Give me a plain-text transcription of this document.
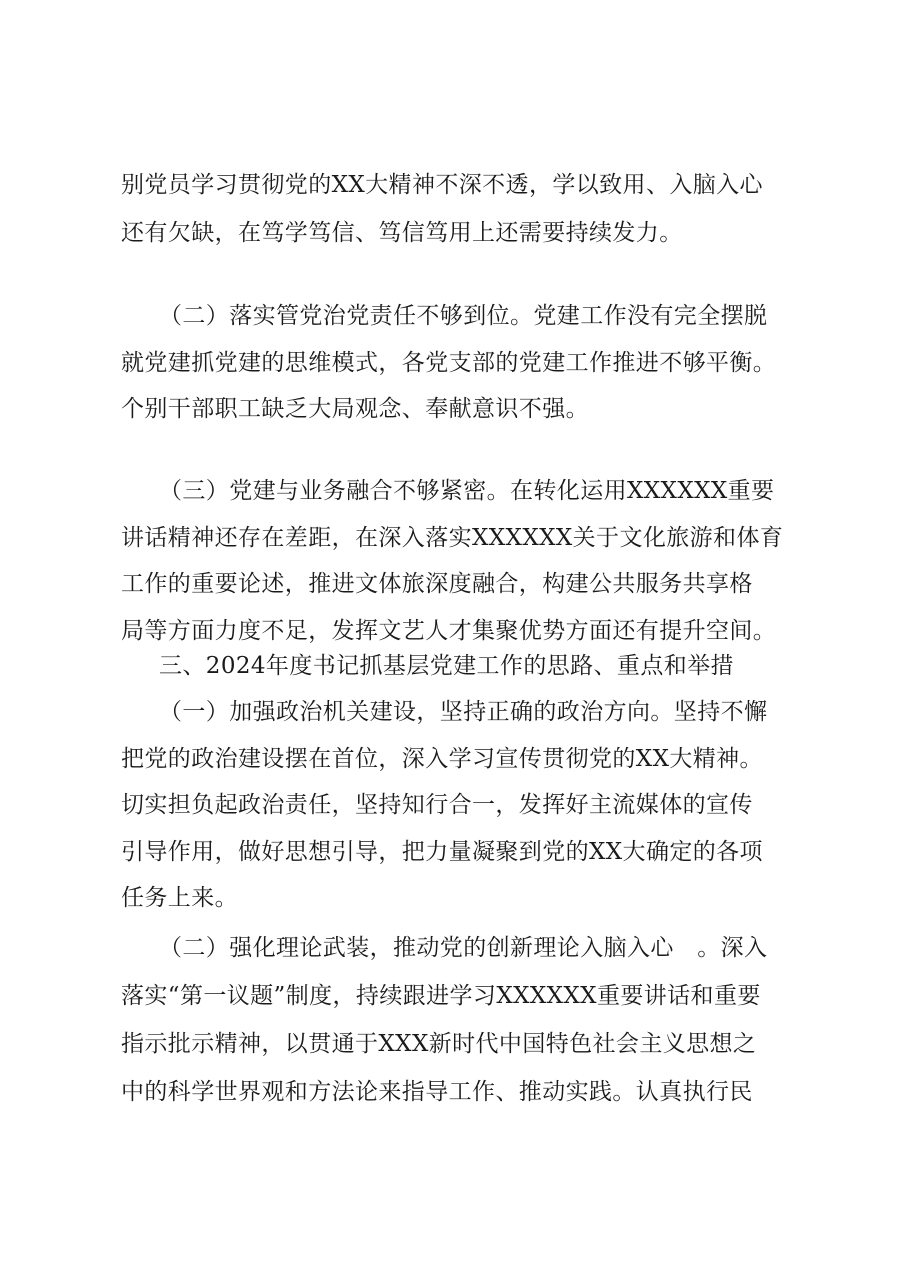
别党员学习贯彻党的XX大精神不深不透，学以致用、入脑入心
还有欠缺，在笃学笃信、笃信笃用上还需要持续发力。
（二）落实管党治党责任不够到位。党建工作没有完全摆脱
就党建抓党建的思维模式，各党支部的党建工作推进不够平衡。
个别干部职工缺乏大局观念、奉献意识不强。
（三）党建与业务融合不够紧密。在转化运用XXXXXX重要
讲话精神还存在差距，在深入落实XXXXXX关于文化旅游和体育
工作的重要论述，推进文体旅深度融合，构建公共服务共享格
局等方面力度不足，发挥文艺人才集聚优势方面还有提升空间。
三、2024年度书记抓基层党建工作的思路、重点和举措
（一）加强政治机关建设，坚持正确的政治方向。坚持不懈
把党的政治建设摆在首位，深入学习宣传贯彻党的XX大精神。
切实担负起政治责任，坚持知行合一，发挥好主流媒体的宣传
引导作用，做好思想引导，把力量凝聚到党的XX大确定的各项
任务上来。
（二）强化理论武装，推动党的创新理论入脑入心　。深入
落实“第一议题”制度，持续跟进学习XXXXXX重要讲话和重要
指示批示精神，以贯通于XXX新时代中国特色社会主义思想之
中的科学世界观和方法论来指导工作、推动实践。认真执行民
